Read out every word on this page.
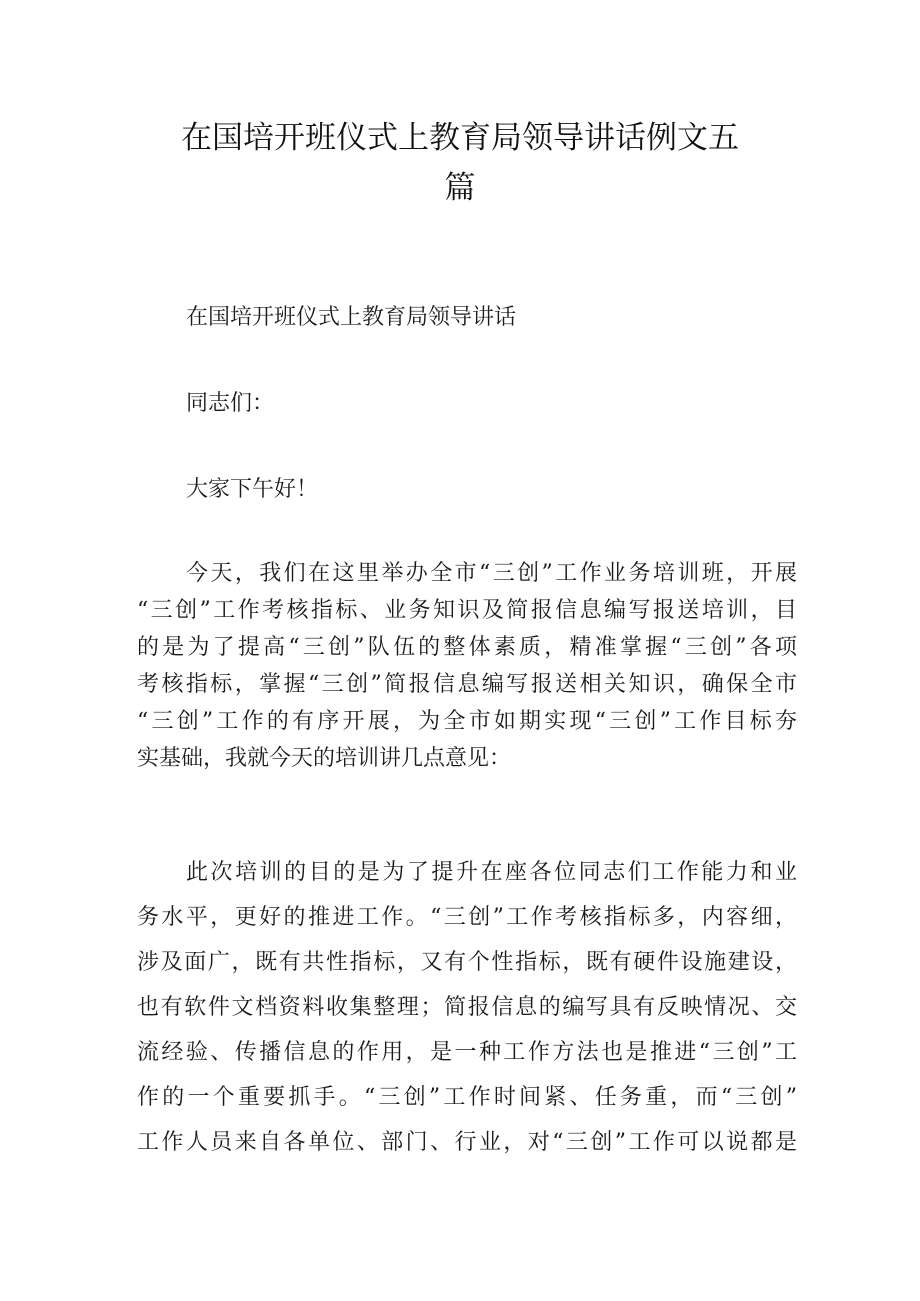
在国培开班仪式上教育局领导讲话例文五
篇

在国培开班仪式上教育局领导讲话

同志们：

大家下午好！

今天，我们在这里举办全市“三创”工作业务培训班，开展
“三创”工作考核指标、业务知识及简报信息编写报送培训，目
的是为了提高“三创”队伍的整体素质，精准掌握“三创”各项
考核指标，掌握“三创”简报信息编写报送相关知识，确保全市
“三创”工作的有序开展，为全市如期实现“三创”工作目标夯
实基础，我就今天的培训讲几点意见：
此次培训的目的是为了提升在座各位同志们工作能力和业
务水平，更好的推进工作。“三创”工作考核指标多，内容细，
涉及面广，既有共性指标，又有个性指标，既有硬件设施建设，
也有软件文档资料收集整理；简报信息的编写具有反映情况、交
流经验、传播信息的作用，是一种工作方法也是推进“三创”工
作的一个重要抓手。“三创”工作时间紧、任务重，而“三创”
工作人员来自各单位、部门、行业，对“三创”工作可以说都是
